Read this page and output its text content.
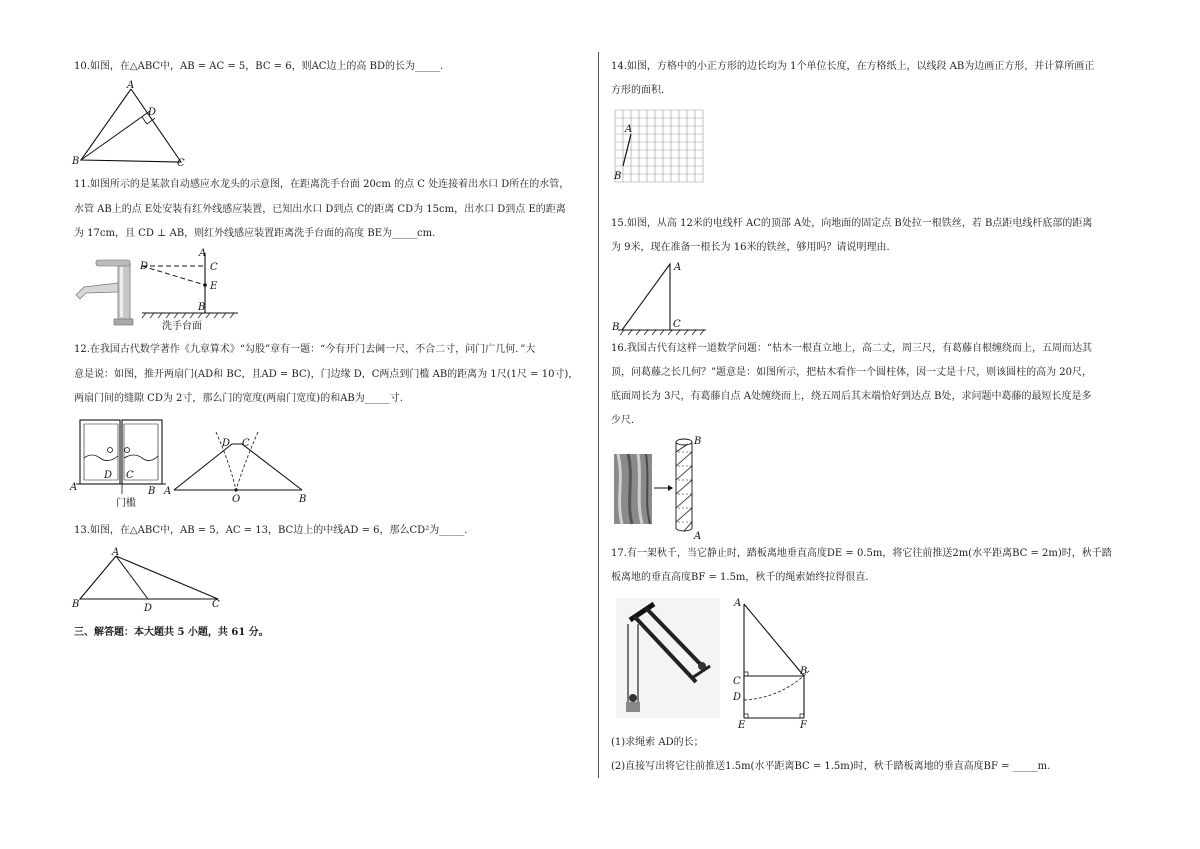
10.如图，在△ABC中，AB = AC = 5，BC = 6，则AC边上的高 BD的长为_____.
A
D
B	C
11.如图所示的是某款自动感应水龙头的示意图，在距离洗手台面 20cm 的点 C 处连接着出水口 D所在的水管，
水管 AB上的点 E处安装有红外线感应装置，已知出水口 D到点 C的距离 CD为 15cm，出水口 D到点 E的距离
为 17cm，且 CD ⊥ AB，则红外线感应装置距离洗手台面的高度 BE为_____cm.
D
A
C
E
B
洗手台面
12.在我国古代数学著作《九章算术》“勾股”章有一题：“今有开门去阃一尺，不合二寸，问门广几何．”大
意是说：如图，推开两扇门(AD和 BC，且AD = BC)，门边缘 D，C两点到门槛 AB的距离为 1尺(1尺 = 10寸)，
两扇门间的缝隙 CD为 2寸，那么门的宽度(两扇门宽度)的和AB为_____寸.
A
D C
B
门槛
A
D C
O	B
13.如图，在△ABC中，AB = 5，AC = 13，BC边上的中线AD = 6，那么CD²为_____.
A
B	D	C
三、解答题：本大题共 5 小题，共 61 分。
14.如图，方格中的小正方形的边长均为 1个单位长度，在方格纸上，以线段 AB为边画正方形，并计算所画正
方形的面积．
A
B
15.如图，从高 12米的电线杆 AC的顶部 A处，向地面的固定点 B处拉一根铁丝，若 B点距电线杆底部的距离
为 9米，现在准备一根长为 16米的铁丝，够用吗？请说明理由．
A
B	C
16.我国古代有这样一道数学问题：“枯木一根直立地上，高二丈，周三尺，有葛藤自根缠绕而上，五周而达其
顶，问葛藤之长几何？”题意是：如图所示，把枯木看作一个圆柱体，因一丈是十尺，则该圆柱的高为 20尺，
底面周长为 3尺，有葛藤自点 A处缠绕而上，绕五周后其末端恰好到达点 B处，求问题中葛藤的最短长度是多
少尺．
B
A
17.有一架秋千，当它静止时，踏板离地垂直高度DE = 0.5m，将它往前推送2m(水平距离BC = 2m)时，秋千踏
板离地的垂直高度BF = 1.5m，秋千的绳索始终拉得很直．
A
B
C
D
E	F
(1)求绳索 AD的长；
(2)直接写出将它往前推送1.5m(水平距离BC = 1.5m)时，秋千踏板离地的垂直高度BF = _____m.
